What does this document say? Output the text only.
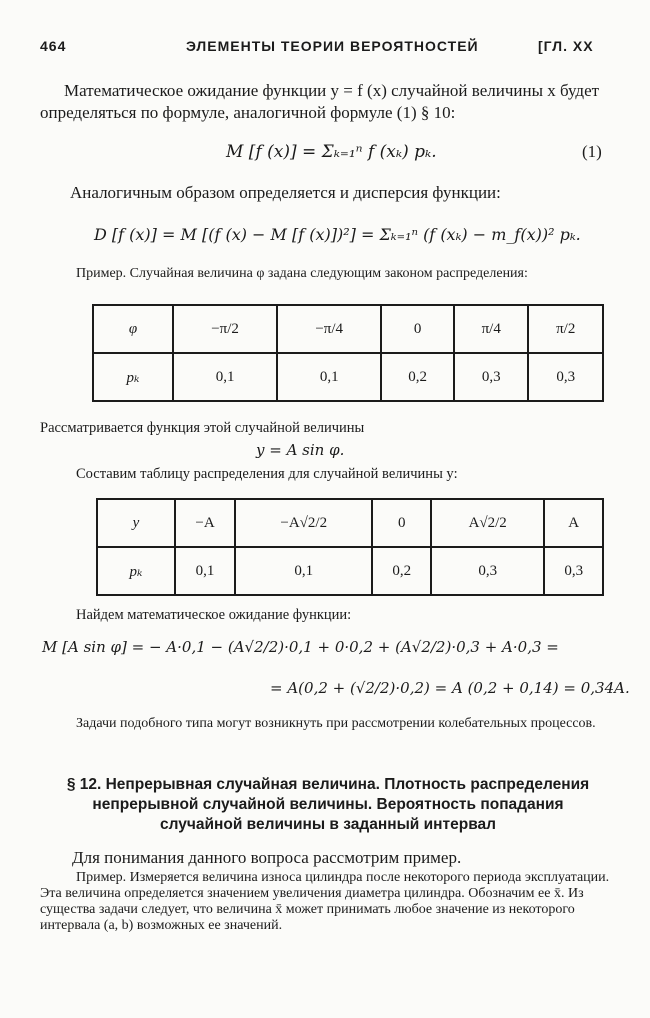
464	ЭЛЕМЕНТЫ ТЕОРИИ ВЕРОЯТНОСТЕЙ	[ГЛ. XX
Математическое ожидание функции y = f (x) случайной величины x будет определяться по формуле, аналогичной формуле (1) § 10:
M [f (x)] = Σₖ₌₁ⁿ f (xₖ) pₖ.	(1)
Аналогичным образом определяется и дисперсия функции:
D [f (x)] = M [(f (x) − M [f (x)])²] = Σₖ₌₁ⁿ (f (xₖ) − m_f(x))² pₖ.
Пример. Случайная величина φ задана следующим законом распределения:
φ	−π/2	−π/4	0	π/4	π/2
pₖ	0,1	0,1	0,2	0,3	0,3
Рассматривается функция этой случайной величины
y = A sin φ.
Составим таблицу распределения для случайной величины y:
y	−A	−A√2/2	0	A√2/2	A
pₖ	0,1	0,1	0,2	0,3	0,3
Найдем математическое ожидание функции:
M [A sin φ] = − A·0,1 − (A√2/2)·0,1 + 0·0,2 + (A√2/2)·0,3 + A·0,3 =
= A(0,2 + (√2/2)·0,2) = A (0,2 + 0,14) = 0,34A.
Задачи подобного типа могут возникнуть при рассмотрении колебательных процессов.
§ 12. Непрерывная случайная величина. Плотность распределения непрерывной случайной величины. Вероятность попадания случайной величины в заданный интервал
Для понимания данного вопроса рассмотрим пример.
Пример. Измеряется величина износа цилиндра после некоторого периода эксплуатации. Эта величина определяется значением увеличения диаметра цилиндра. Обозначим ее x̄. Из существа задачи следует, что величина x̄ может принимать любое значение из некоторого интервала (a, b) возможных ее значений.
